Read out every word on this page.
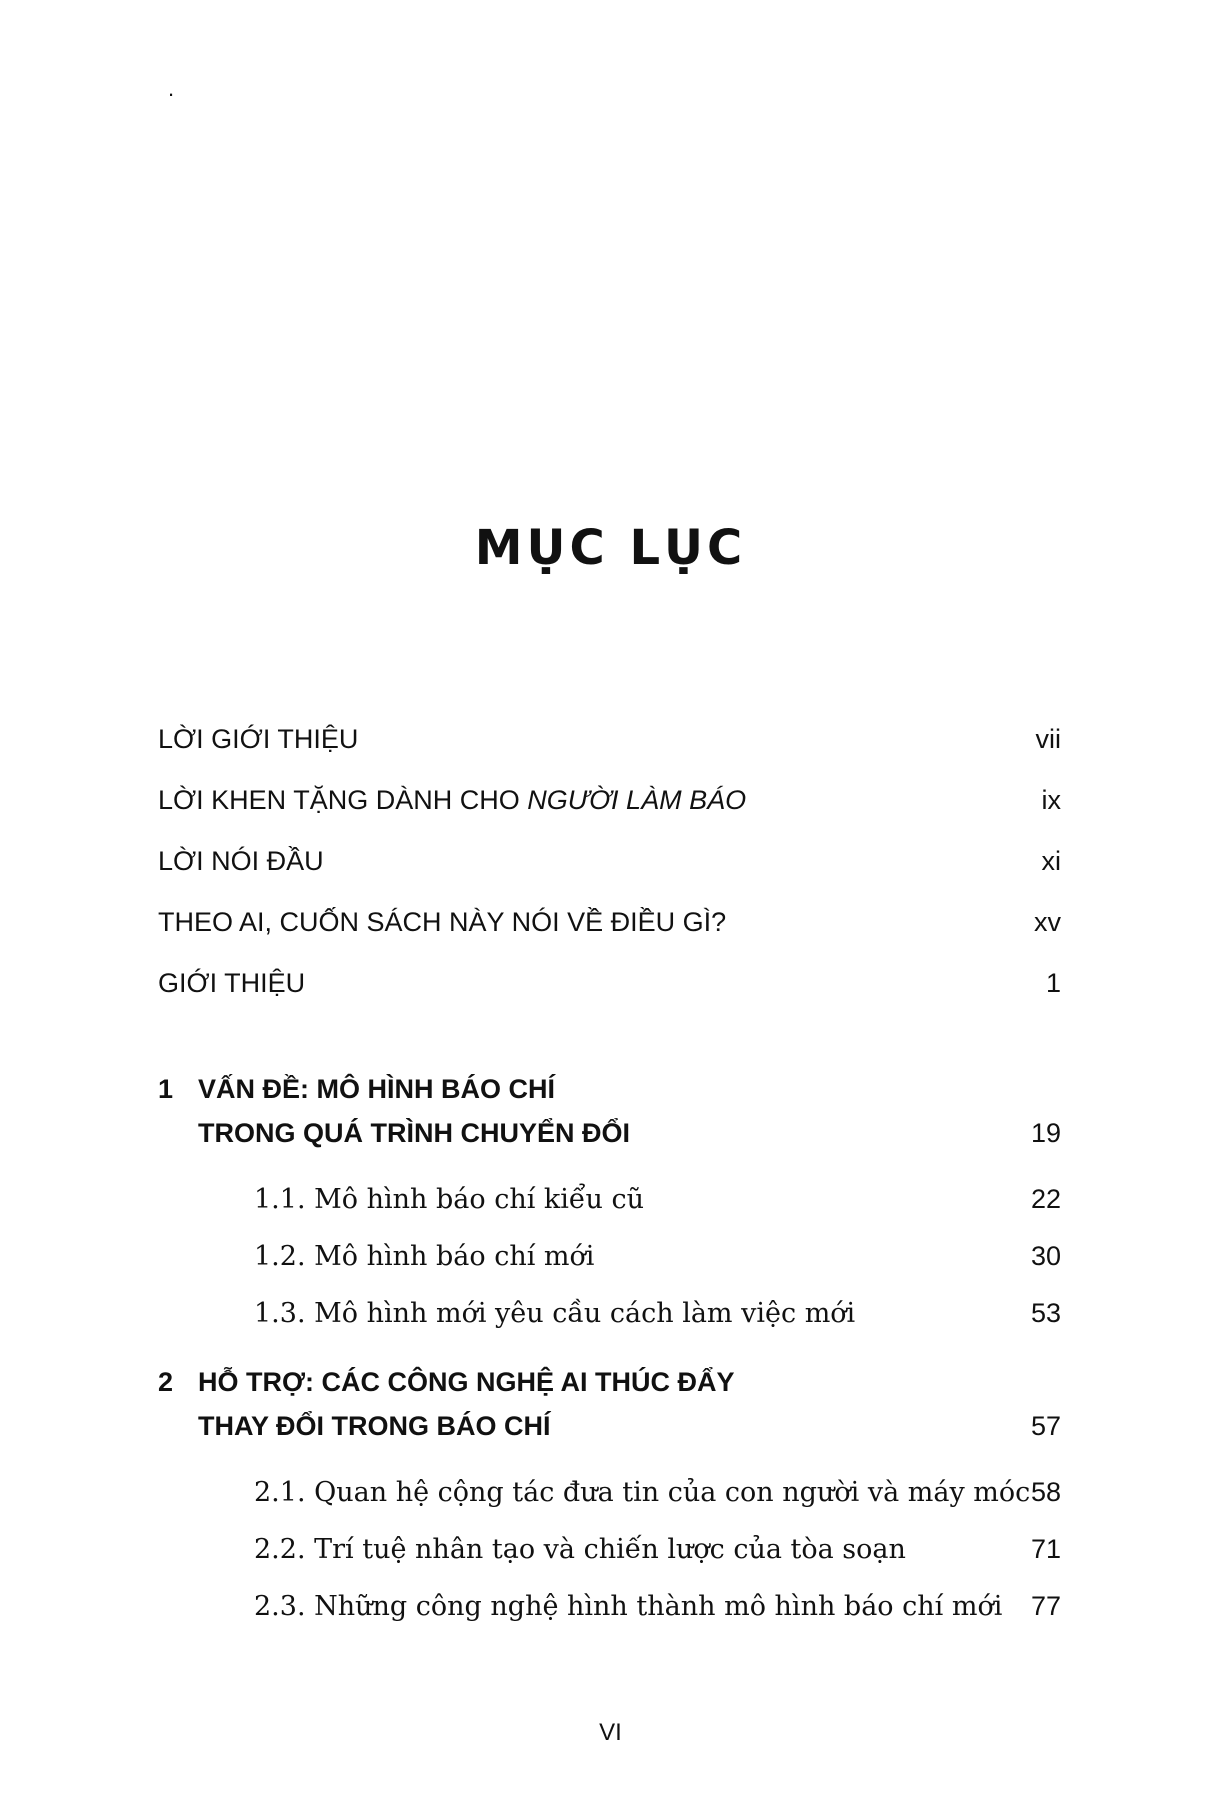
.
MỤC LỤC
LỜI GIỚI THIỆU	vii
LỜI KHEN TẶNG DÀNH CHO NGƯỜI LÀM BÁO	ix
LỜI NÓI ĐẦU	xi
THEO AI, CUỐN SÁCH NÀY NÓI VỀ ĐIỀU GÌ?	xv
GIỚI THIỆU	1
1 VẤN ĐỀ: MÔ HÌNH BÁO CHÍ
TRONG QUÁ TRÌNH CHUYỂN ĐỔI	19
1.1. Mô hình báo chí kiểu cũ	22
1.2. Mô hình báo chí mới	30
1.3. Mô hình mới yêu cầu cách làm việc mới	53
2 HỖ TRỢ: CÁC CÔNG NGHỆ AI THÚC ĐẨY
THAY ĐỔI TRONG BÁO CHÍ	57
2.1. Quan hệ cộng tác đưa tin của con người và máy móc 58
2.2. Trí tuệ nhân tạo và chiến lược của tòa soạn	71
2.3. Những công nghệ hình thành mô hình báo chí mới 77
VI
